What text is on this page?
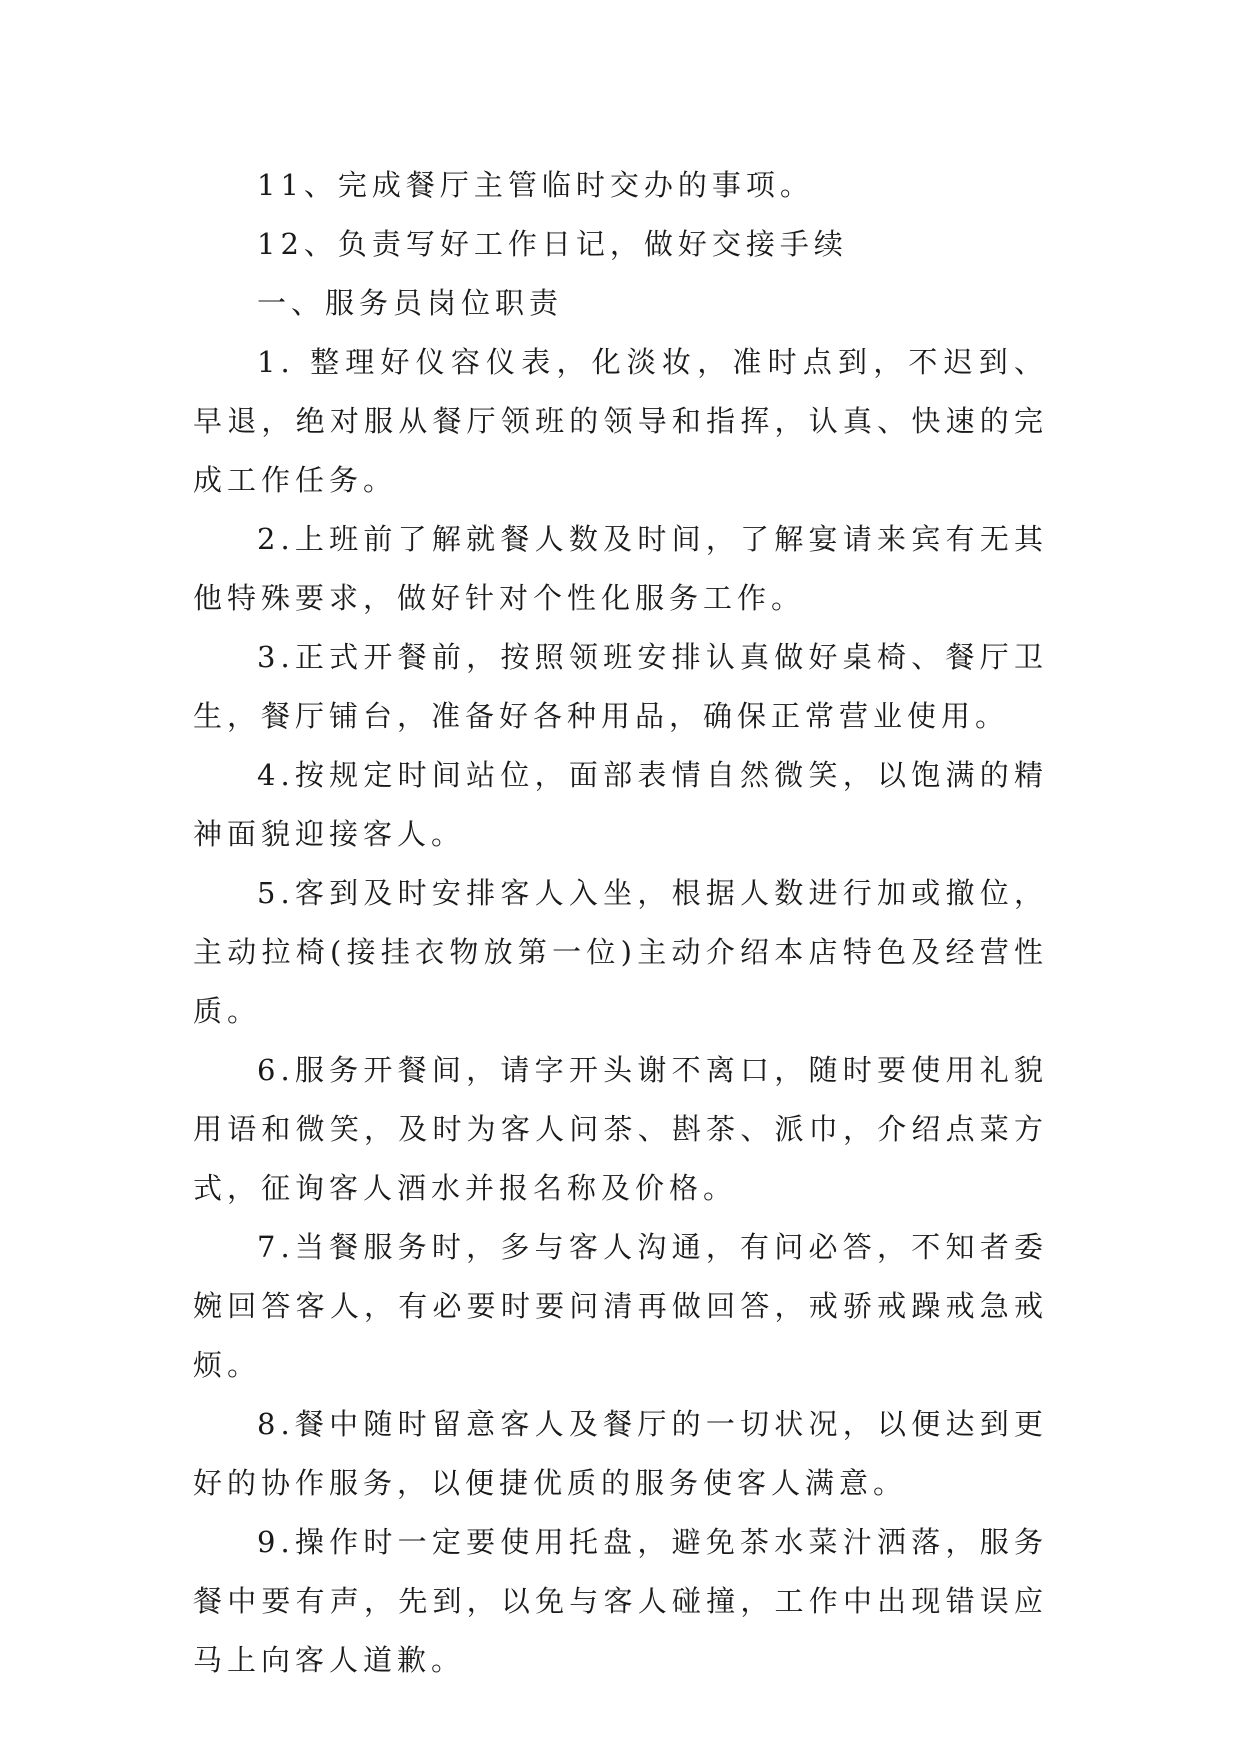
11、完成餐厅主管临时交办的事项。

12、负责写好工作日记，做好交接手续

一、服务员岗位职责

1. 整理好仪容仪表，化淡妆，准时点到，不迟到、早退，绝对服从餐厅领班的领导和指挥，认真、快速的完成工作任务。

2.上班前了解就餐人数及时间，了解宴请来宾有无其他特殊要求，做好针对个性化服务工作。

3.正式开餐前，按照领班安排认真做好桌椅、餐厅卫生，餐厅铺台，准备好各种用品，确保正常营业使用。

4.按规定时间站位，面部表情自然微笑，以饱满的精神面貌迎接客人。

5.客到及时安排客人入坐，根据人数进行加或撤位，主动拉椅(接挂衣物放第一位)主动介绍本店特色及经营性质。

6.服务开餐间，请字开头谢不离口，随时要使用礼貌用语和微笑，及时为客人问茶、斟茶、派巾，介绍点菜方式，征询客人酒水并报名称及价格。

7.当餐服务时，多与客人沟通，有问必答，不知者委婉回答客人，有必要时要问清再做回答，戒骄戒躁戒急戒烦。

8.餐中随时留意客人及餐厅的一切状况，以便达到更好的协作服务，以便捷优质的服务使客人满意。

9.操作时一定要使用托盘，避免茶水菜汁洒落，服务餐中要有声，先到，以免与客人碰撞，工作中出现错误应马上向客人道歉。
